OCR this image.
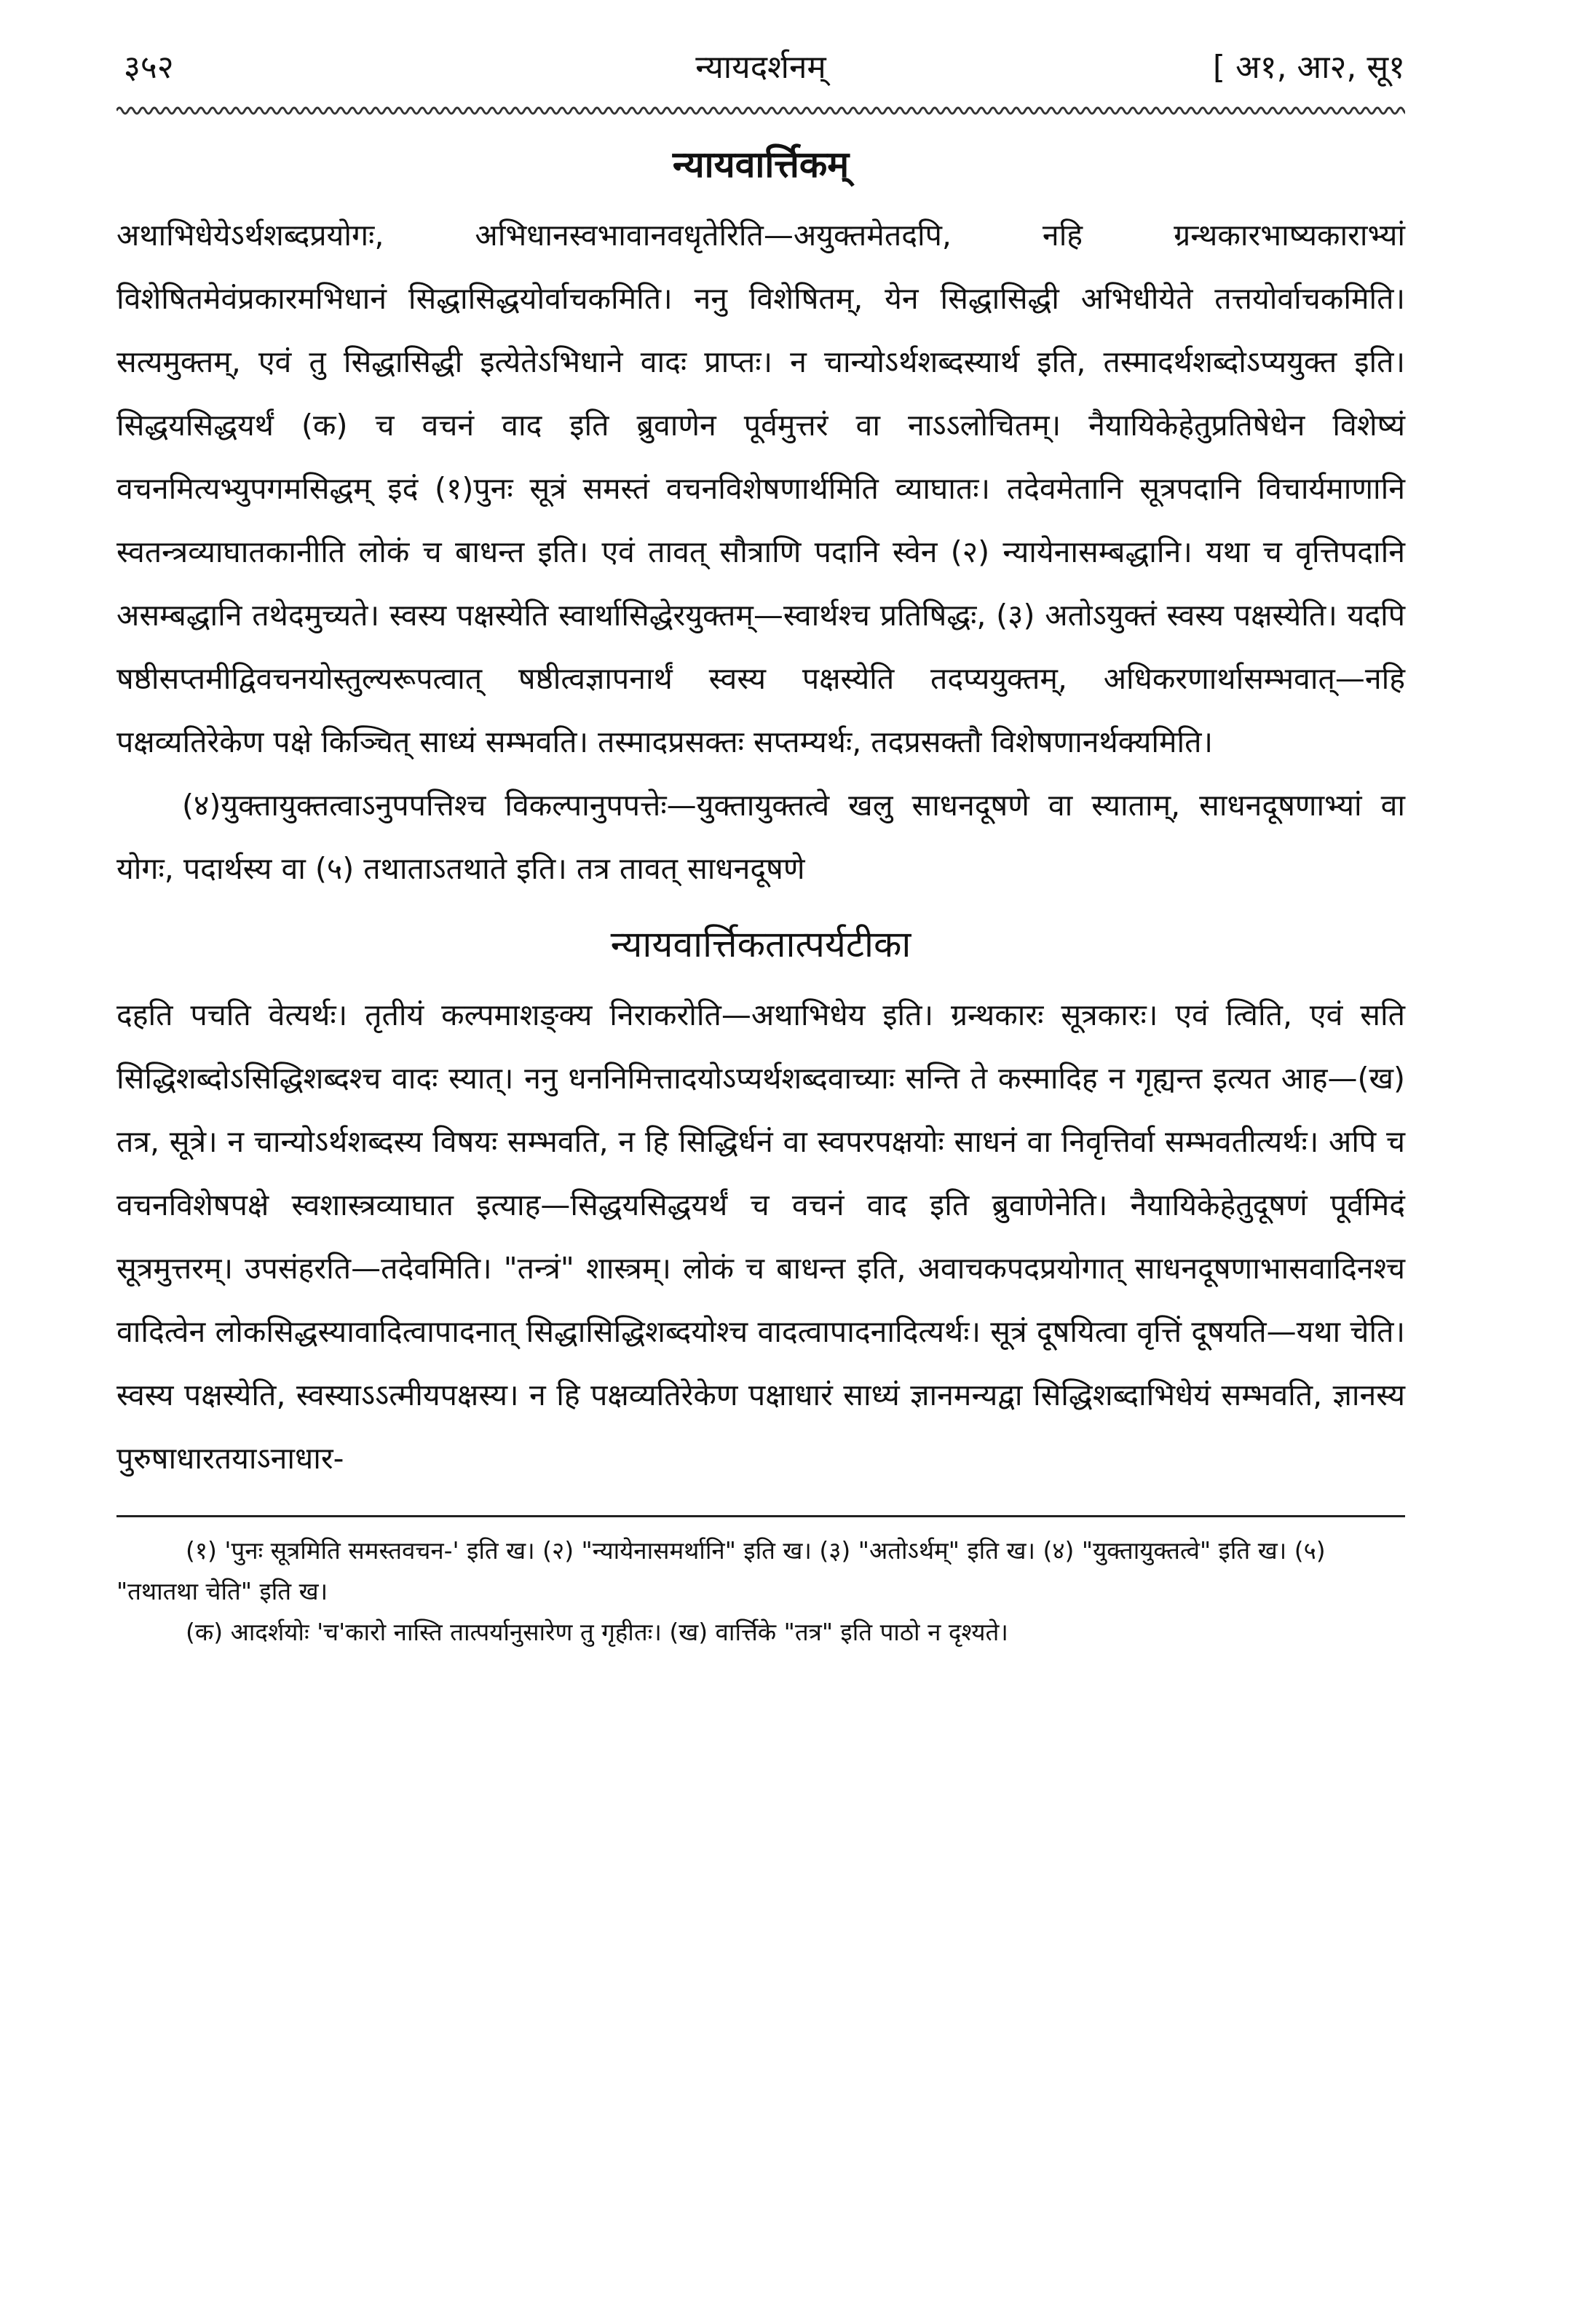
३५२	न्यायदर्शनम्	[ अ१, आ२, सू१
न्यायवार्त्तिकम्

अथाभिधेयेऽर्थशब्दप्रयोगः, अभिधानस्वभावानवधृतेरिति—अयुक्तमेतदपि, नहि ग्रन्थकारभाष्यकाराभ्यां विशेषितमेवंप्रकारमभिधानं सिद्धासिद्धयोर्वाचकमिति। ननु विशेषितम्, येन सिद्धासिद्धी अभिधीयेते तत्तयोर्वाचकमिति। सत्यमुक्तम्, एवं तु सिद्धासिद्धी इत्येतेऽभिधाने वादः प्राप्तः। न चान्योऽर्थशब्दस्यार्थ इति, तस्मादर्थशब्दोऽप्ययुक्त इति। सिद्धयसिद्धयर्थं (क) च वचनं वाद इति ब्रुवाणेन पूर्वमुत्तरं वा नाऽऽलोचितम्। नैयायिकेहेतुप्रतिषेधेन विशेष्यं वचनमित्यभ्युपगमसिद्धम् इदं (१)पुनः सूत्रं समस्तं वचनविशेषणार्थमिति व्याघातः। तदेवमेतानि सूत्रपदानि विचार्यमाणानि स्वतन्त्रव्याघातकानीति लोकं च बाधन्त इति। एवं तावत् सौत्राणि पदानि स्वेन (२) न्यायेनासम्बद्धानि। यथा च वृत्तिपदानि असम्बद्धानि तथेदमुच्यते। स्वस्य पक्षस्येति स्वार्थासिद्धेरयुक्तम्—स्वार्थश्च प्रतिषिद्धः, (३) अतोऽयुक्तं स्वस्य पक्षस्येति। यदपि षष्ठीसप्तमीद्विवचनयोस्तुल्यरूपत्वात् षष्ठीत्वज्ञापनार्थं स्वस्य पक्षस्येति तदप्ययुक्तम्, अधिकरणार्थासम्भवात्—नहि पक्षव्यतिरेकेण पक्षे किञ्चित् साध्यं सम्भवति। तस्मादप्रसक्तः सप्तम्यर्थः, तदप्रसक्तौ विशेषणानर्थक्यमिति।

(४)युक्तायुक्तत्वाऽनुपपत्तिश्च विकल्पानुपपत्तेः—युक्तायुक्तत्वे खलु साधनदूषणे वा स्याताम्, साधनदूषणाभ्यां वा योगः, पदार्थस्य वा (५) तथाताऽतथाते इति। तत्र तावत् साधनदूषणे

न्यायवार्त्तिकतात्पर्यटीका

दहति पचति वेत्यर्थः। तृतीयं कल्पमाशङ्क्य निराकरोति—अथाभिधेय इति। ग्रन्थकारः सूत्रकारः। एवं त्विति, एवं सति सिद्धिशब्दोऽसिद्धिशब्दश्च वादः स्यात्। ननु धननिमित्तादयोऽप्यर्थशब्दवाच्याः सन्ति ते कस्मादिह न गृह्यन्त इत्यत आह—(ख) तत्र, सूत्रे। न चान्योऽर्थशब्दस्य विषयः सम्भवति, न हि सिद्धिर्धनं वा स्वपरपक्षयोः साधनं वा निवृत्तिर्वा सम्भवतीत्यर्थः। अपि च वचनविशेषपक्षे स्वशास्त्रव्याघात इत्याह—सिद्धयसिद्धयर्थं च वचनं वाद इति ब्रुवाणेनेति। नैयायिकेहेतुदूषणं पूर्वमिदं सूत्रमुत्तरम्। उपसंहरति—तदेवमिति। "तन्त्रं" शास्त्रम्। लोकं च बाधन्त इति, अवाचकपदप्रयोगात् साधनदूषणाभासवादिनश्च वादित्वेन लोकसिद्धस्यावादित्वापादनात् सिद्धासिद्धिशब्दयोश्च वादत्वापादनादित्यर्थः। सूत्रं दूषयित्वा वृत्तिं दूषयति—यथा चेति। स्वस्य पक्षस्येति, स्वस्याऽऽत्मीयपक्षस्य। न हि पक्षव्यतिरेकेण पक्षाधारं साध्यं ज्ञानमन्यद्वा सिद्धिशब्दाभिधेयं सम्भवति, ज्ञानस्य पुरुषाधारतयाऽनाधार-

(१) 'पुनः सूत्रमिति समस्तवचन-' इति ख। (२) "न्यायेनासमर्थानि" इति ख। (३) "अतोऽर्थम्" इति ख। (४) "युक्तायुक्तत्वे" इति ख। (५) "तथातथा चेति" इति ख।

(क) आदर्शयोः 'च'कारो नास्ति तात्पर्यानुसारेण तु गृहीतः। (ख) वार्त्तिके "तत्र" इति पाठो न दृश्यते।
